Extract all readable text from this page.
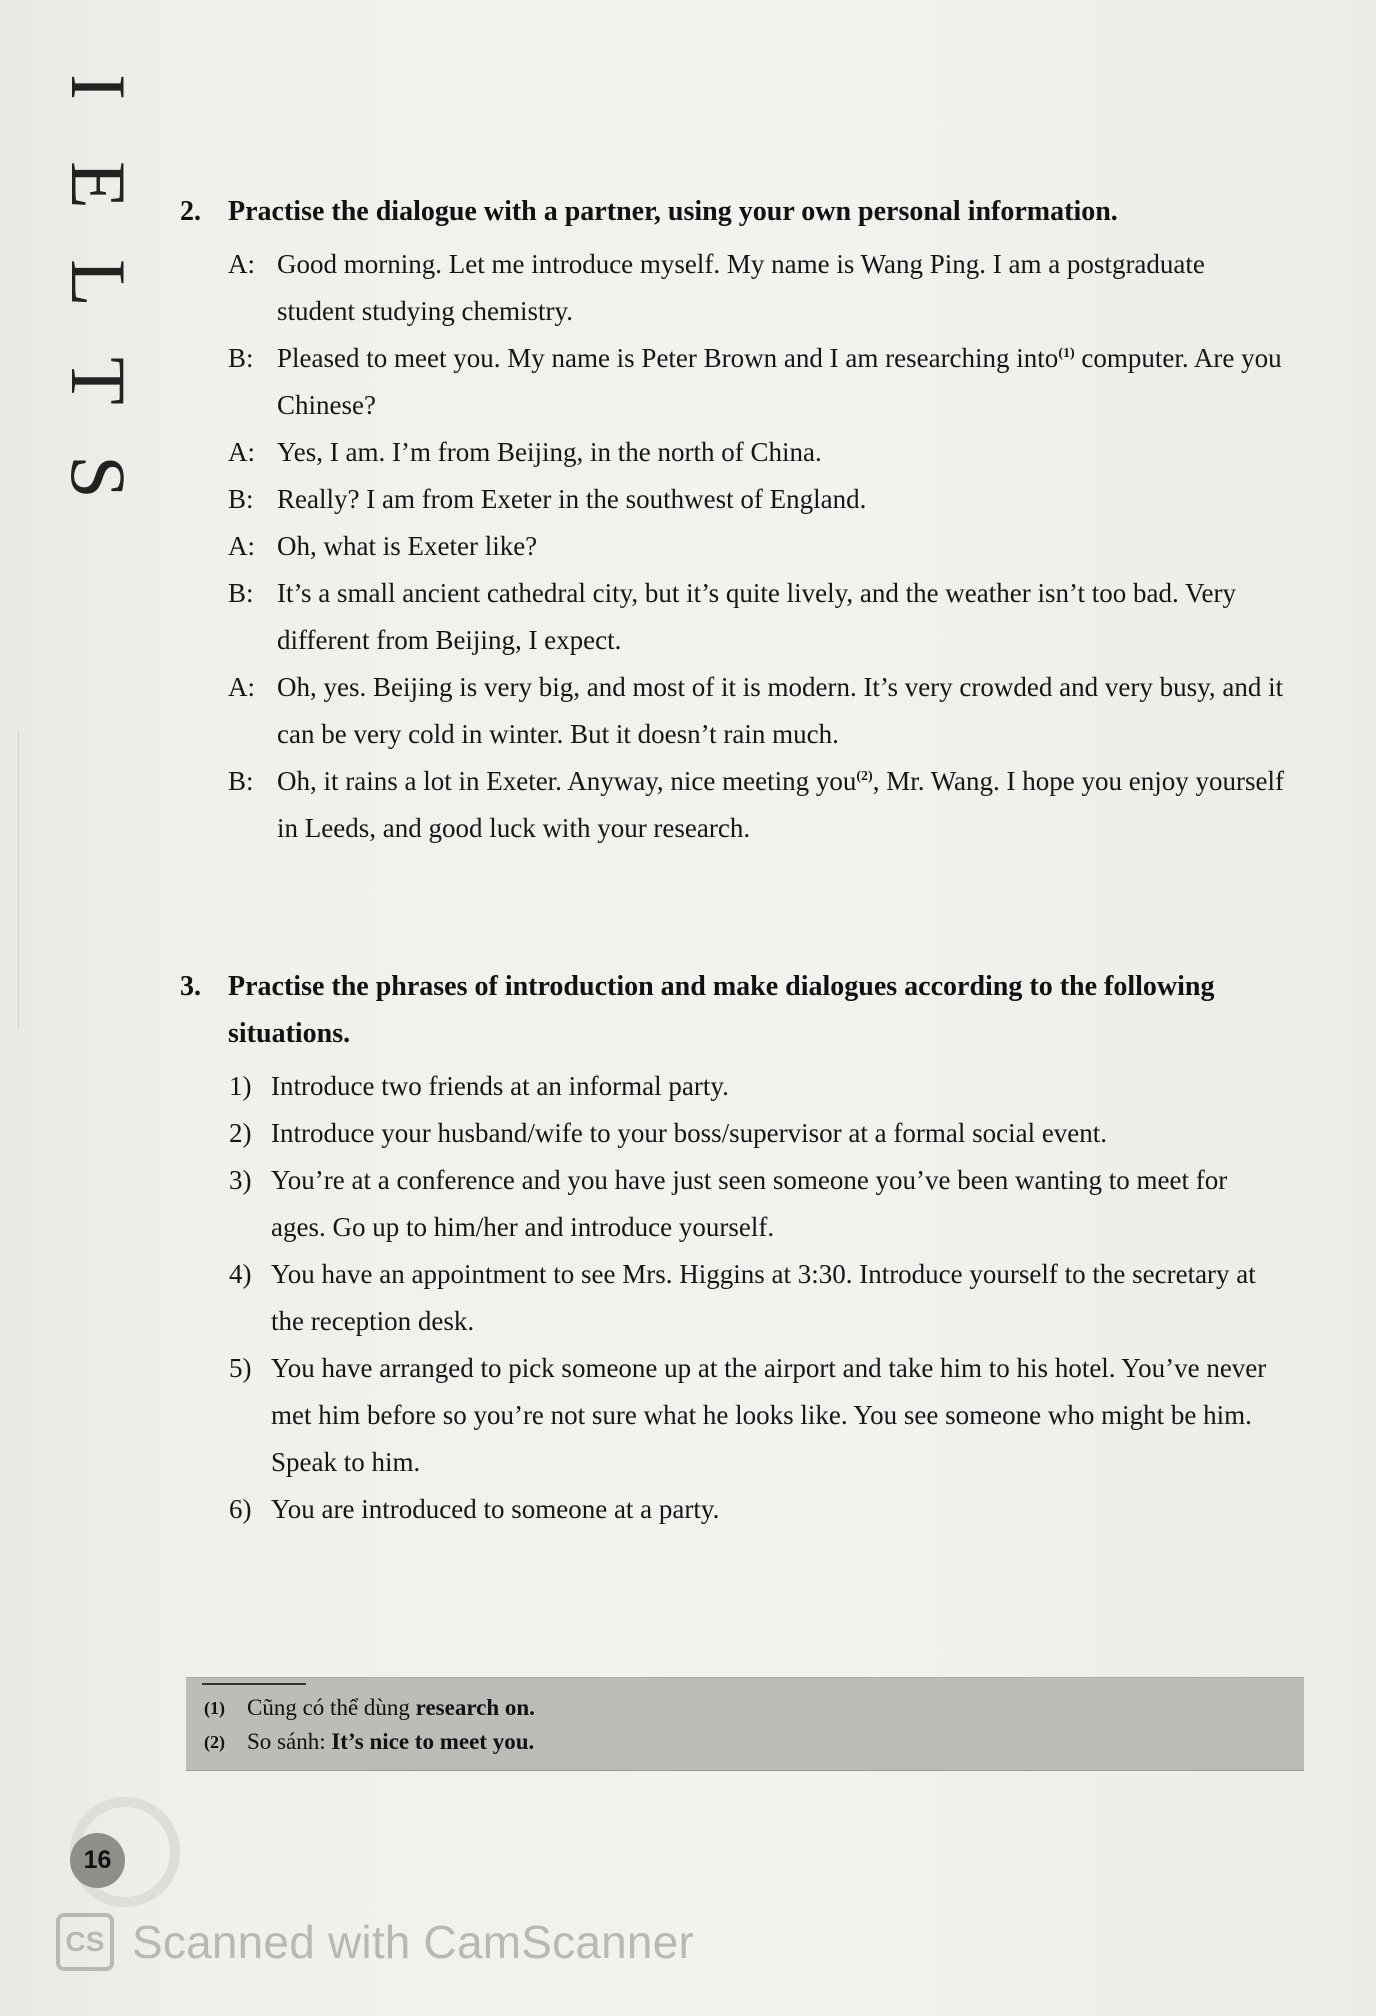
I
E
L
T
S
2. Practise the dialogue with a partner, using your own personal information.
A: Good morning. Let me introduce myself. My name is Wang Ping. I am a postgraduate student studying chemistry.
B: Pleased to meet you. My name is Peter Brown and I am researching into$^{(1)}$ computer. Are you Chinese?
A: Yes, I am. I’m from Beijing, in the north of China.
B: Really? I am from Exeter in the southwest of England.
A: Oh, what is Exeter like?
B: It’s a small ancient cathedral city, but it’s quite lively, and the weather isn’t too bad. Very different from Beijing, I expect.
A: Oh, yes. Beijing is very big, and most of it is modern. It’s very crowded and very busy, and it can be very cold in winter. But it doesn’t rain much.
B: Oh, it rains a lot in Exeter. Anyway, nice meeting you$^{(2)}$, Mr. Wang. I hope you enjoy yourself in Leeds, and good luck with your research.
3. Practise the phrases of introduction and make dialogues according to the following situations.
1) Introduce two friends at an informal party.
2) Introduce your husband/wife to your boss/supervisor at a formal social event.
3) You’re at a conference and you have just seen someone you’ve been wanting to meet for ages. Go up to him/her and introduce yourself.
4) You have an appointment to see Mrs. Higgins at 3:30. Introduce yourself to the secretary at the reception desk.
5) You have arranged to pick someone up at the airport and take him to his hotel. You’ve never met him before so you’re not sure what he looks like. You see someone who might be him. Speak to him.
6) You are introduced to someone at a party.
(1) Cũng có thể dùng research on.
(2) So sánh: It’s nice to meet you.
16
CS Scanned with CamScanner
